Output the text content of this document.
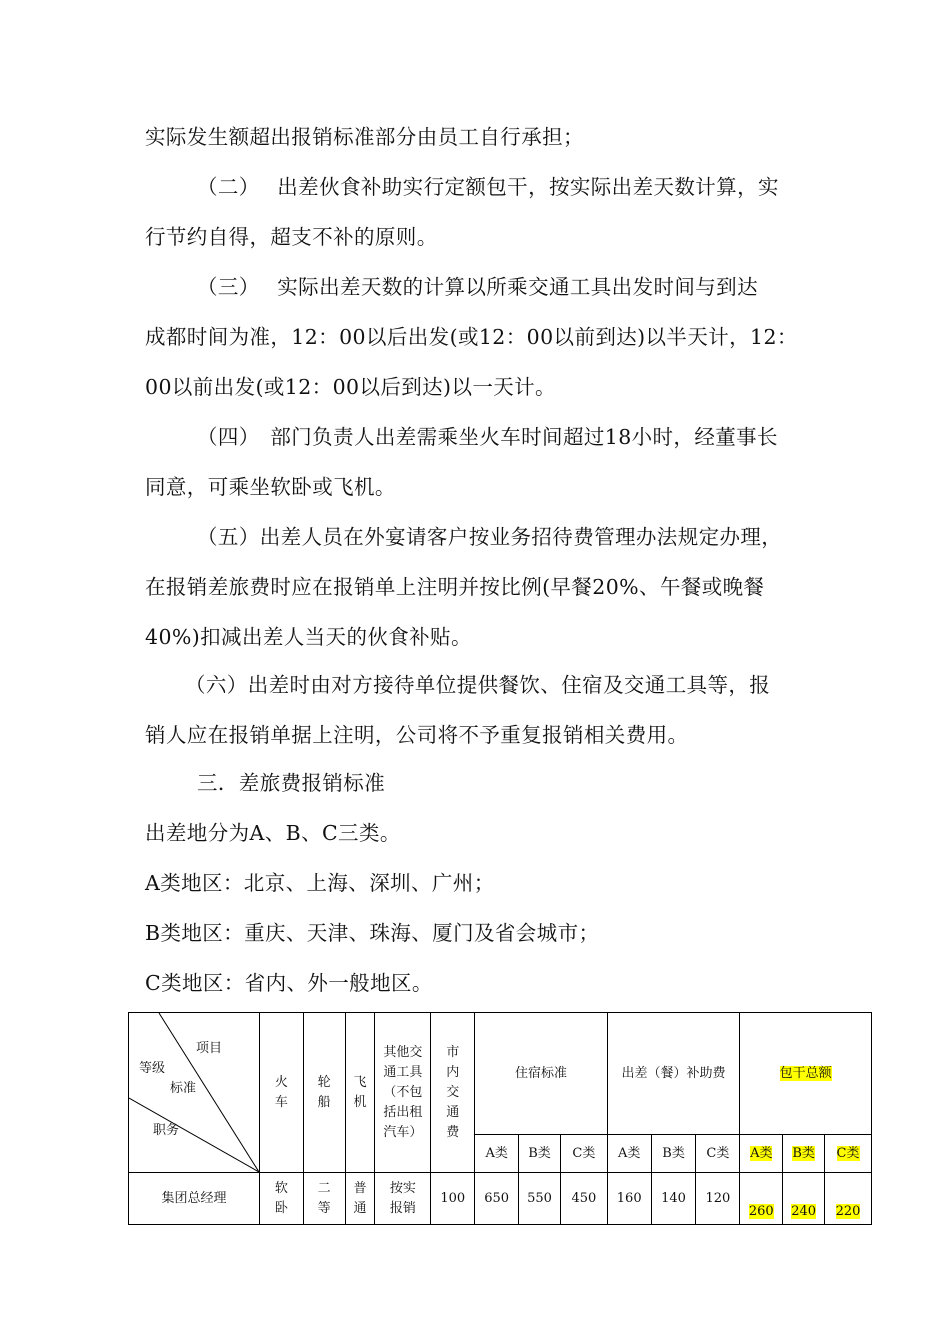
实际发生额超出报销标准部分由员工自行承担；
（二）　 出差伙食补助实行定额包干，按实际出差天数计算，实
行节约自得，超支不补的原则。
（三）　 实际出差天数的计算以所乘交通工具出发时间与到达
成都时间为准，12：00以后出发(或12：00以前到达)以半天计，12：
00以前出发(或12：00以后到达)以一天计。
（四）　部门负责人出差需乘坐火车时间超过18小时，经董事长
同意，可乘坐软卧或飞机。
（五）出差人员在外宴请客户按业务招待费管理办法规定办理，
在报销差旅费时应在报销单上注明并按比例(早餐20%、午餐或晚餐
40%)扣减出差人当天的伙食补贴。
（六）出差时由对方接待单位提供餐饮、住宿及交通工具等，报
销人应在报销单据上注明，公司将不予重复报销相关费用。
三．差旅费报销标准
出差地分为A、B、C三类。
A类地区：北京、上海、深圳、广州；
B类地区：重庆、天津、珠海、厦门及省会城市；
C类地区：省内、外一般地区。
项目
等级
标准
职务	火车	轮船	飞机	其他交通工具（不包括出租汽车）	市内交通费	住宿标准			出差（餐）补助费			包干总额		
						A类	B类	C类	A类	B类	C类	A类	B类	C类
集团总经理	软卧	二等	普通	按实报销	100	650	550	450	160	140	120	260	240	220
